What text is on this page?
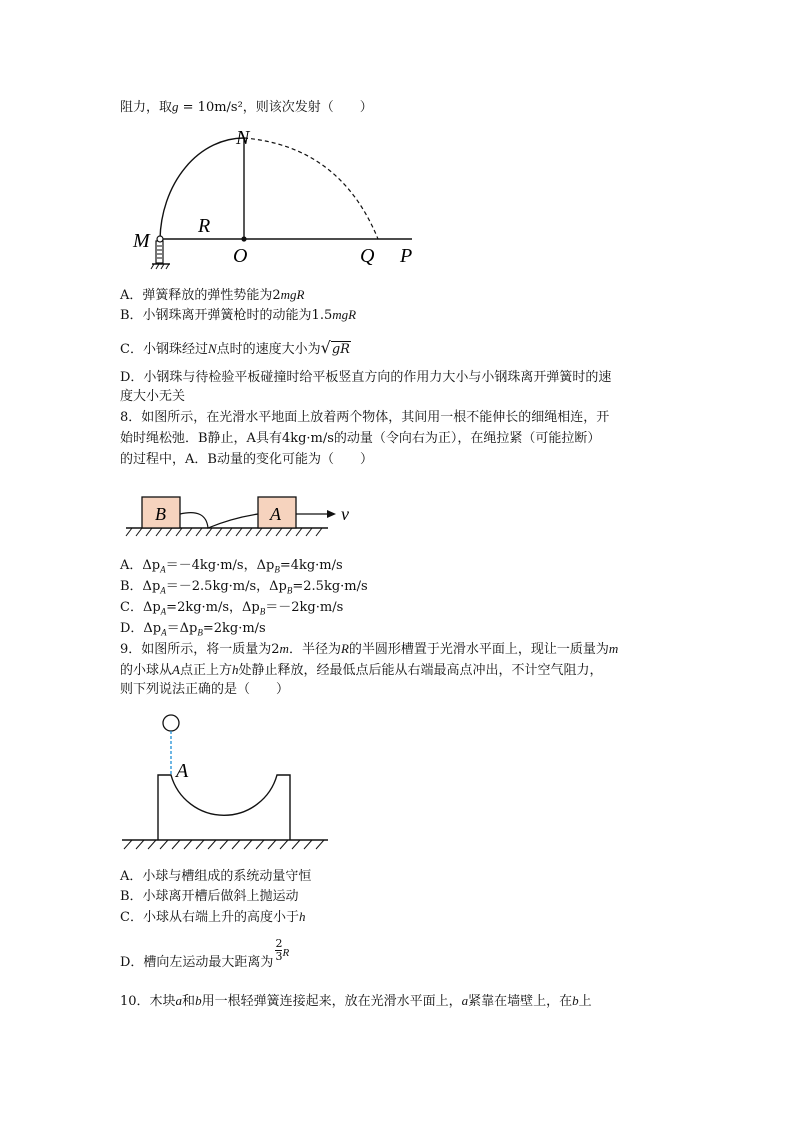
阻力，取g = 10m/s²，则该次发射（　　）
N
M
R
O	Q P
A．弹簧释放的弹性势能为2mgR
B．小钢珠离开弹簧枪时的动能为1.5mgR
C．小钢珠经过N点时的速度大小为√gR
D．小钢珠与待检验平板碰撞时给平板竖直方向的作用力大小与小钢珠离开弹簧时的速
度大小无关
8．如图所示，在光滑水平地面上放着两个物体，其间用一根不能伸长的细绳相连，开
始时绳松弛．B静止，A具有4kg·m/s的动量（令向右为正），在绳拉紧（可能拉断）
的过程中，A．B动量的变化可能为（　　）
B	A	v
A．$\Delta p_A=-4kg\cdot m/s$，$\Delta p_B=4kg\cdot m/s$
B．$\Delta p_A=-2.5kg\cdot m/s$，$\Delta p_B=2.5kg\cdot m/s$
C．$\Delta p_A=2kg\cdot m/s$，$\Delta p_B=-2kg\cdot m/s$
D．$\Delta p_A=\Delta p_B=2kg\cdot m/s$
9．如图所示，将一质量为2m．半径为R的半圆形槽置于光滑水平面上，现让一质量为m
的小球从A点正上方h处静止释放，经最低点后能从右端最高点冲出，不计空气阻力，
则下列说法正确的是（　　）
A
A．小球与槽组成的系统动量守恒
B．小球离开槽后做斜上抛运动
C．小球从右端上升的高度小于h
D．槽向左运动最大距离为 $\frac{2}{3} ^R$
10．木块a和b用一根轻弹簧连接起来，放在光滑水平面上，a紧靠在墙壁上，在b上
